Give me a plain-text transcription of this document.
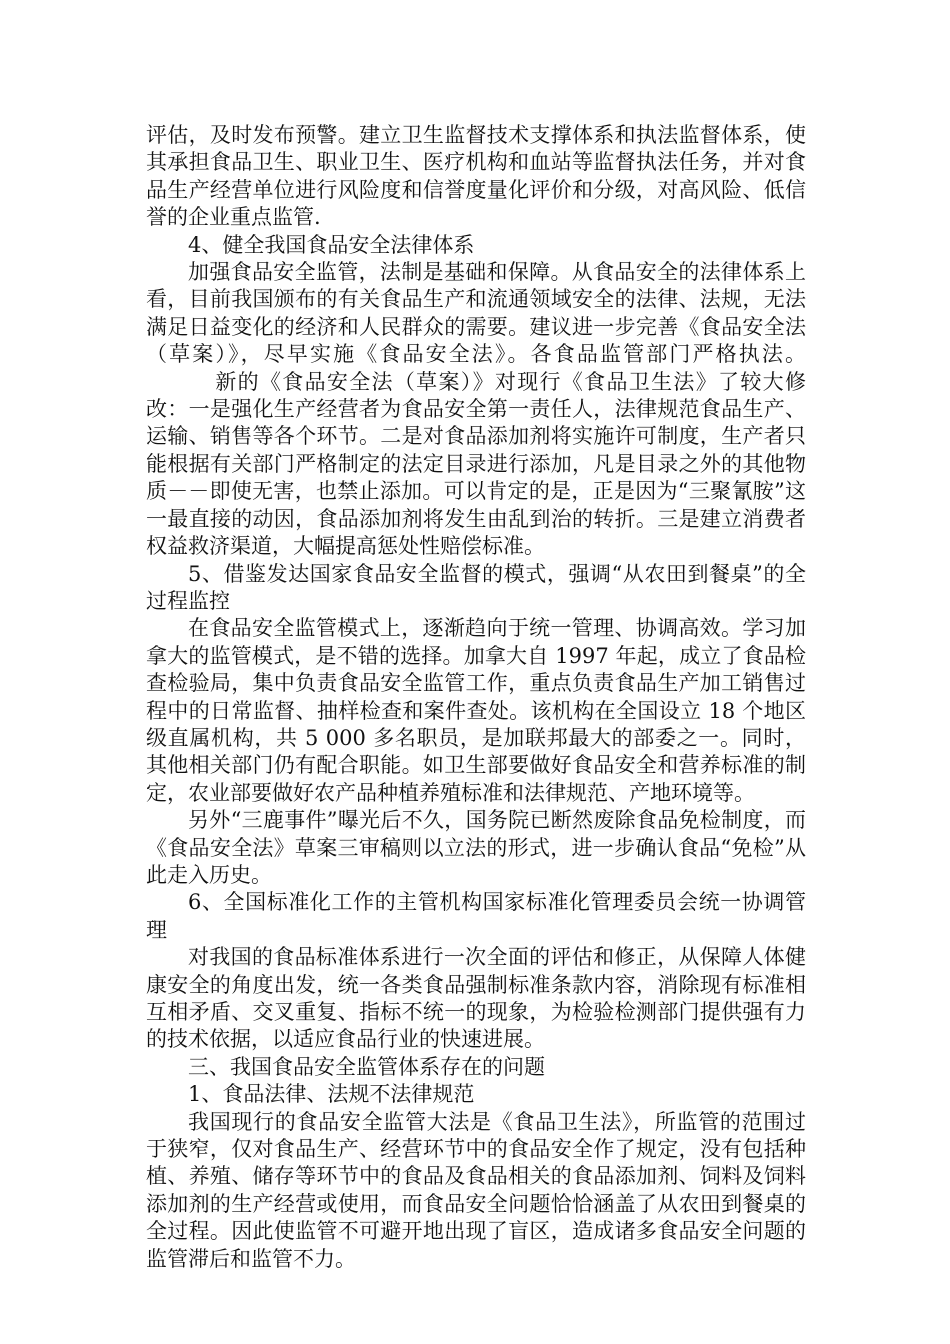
评估，及时发布预警。建立卫生监督技术支撑体系和执法监督体系，使其承担食品卫生、职业卫生、医疗机构和血站等监督执法任务，并对食品生产经营单位进行风险度和信誉度量化评价和分级，对高风险、低信誉的企业重点监管.

4、健全我国食品安全法律体系

加强食品安全监管，法制是基础和保障。从食品安全的法律体系上看，目前我国颁布的有关食品生产和流通领域安全的法律、法规，无法满足日益变化的经济和人民群众的需要。建议进一步完善《食品安全法（草案）》，尽早实施《食品安全法》。各食品监管部门严格执法。新的《食品安全法（草案）》对现行《食品卫生法》了较大修改：一是强化生产经营者为食品安全第一责任人，法律规范食品生产、运输、销售等各个环节。二是对食品添加剂将实施许可制度，生产者只能根据有关部门严格制定的法定目录进行添加，凡是目录之外的其他物质－－即使无害，也禁止添加。可以肯定的是，正是因为“三聚氰胺”这一最直接的动因，食品添加剂将发生由乱到治的转折。三是建立消费者权益救济渠道，大幅提高惩处性赔偿标准。

5、借鉴发达国家食品安全监督的模式，强调“从农田到餐桌”的全过程监控

在食品安全监管模式上，逐渐趋向于统一管理、协调高效。学习加拿大的监管模式，是不错的选择。加拿大自 1997 年起，成立了食品检查检验局，集中负责食品安全监管工作，重点负责食品生产加工销售过程中的日常监督、抽样检查和案件查处。该机构在全国设立 18 个地区级直属机构，共 5 000 多名职员，是加联邦最大的部委之一。同时，其他相关部门仍有配合职能。如卫生部要做好食品安全和营养标准的制定，农业部要做好农产品种植养殖标准和法律规范、产地环境等。

另外“三鹿事件”曝光后不久，国务院已断然废除食品免检制度，而《食品安全法》草案三审稿则以立法的形式，进一步确认食品“免检”从此走入历史。

6、全国标准化工作的主管机构国家标准化管理委员会统一协调管理

对我国的食品标准体系进行一次全面的评估和修正，从保障人体健康安全的角度出发，统一各类食品强制标准条款内容，消除现有标准相互相矛盾、交叉重复、指标不统一的现象，为检验检测部门提供强有力的技术依据，以适应食品行业的快速进展。

三、我国食品安全监管体系存在的问题

1、食品法律、法规不法律规范

我国现行的食品安全监管大法是《食品卫生法》，所监管的范围过于狭窄，仅对食品生产、经营环节中的食品安全作了规定，没有包括种植、养殖、储存等环节中的食品及食品相关的食品添加剂、饲料及饲料添加剂的生产经营或使用，而食品安全问题恰恰涵盖了从农田到餐桌的全过程。因此使监管不可避开地出现了盲区，造成诸多食品安全问题的监管滞后和监管不力。
